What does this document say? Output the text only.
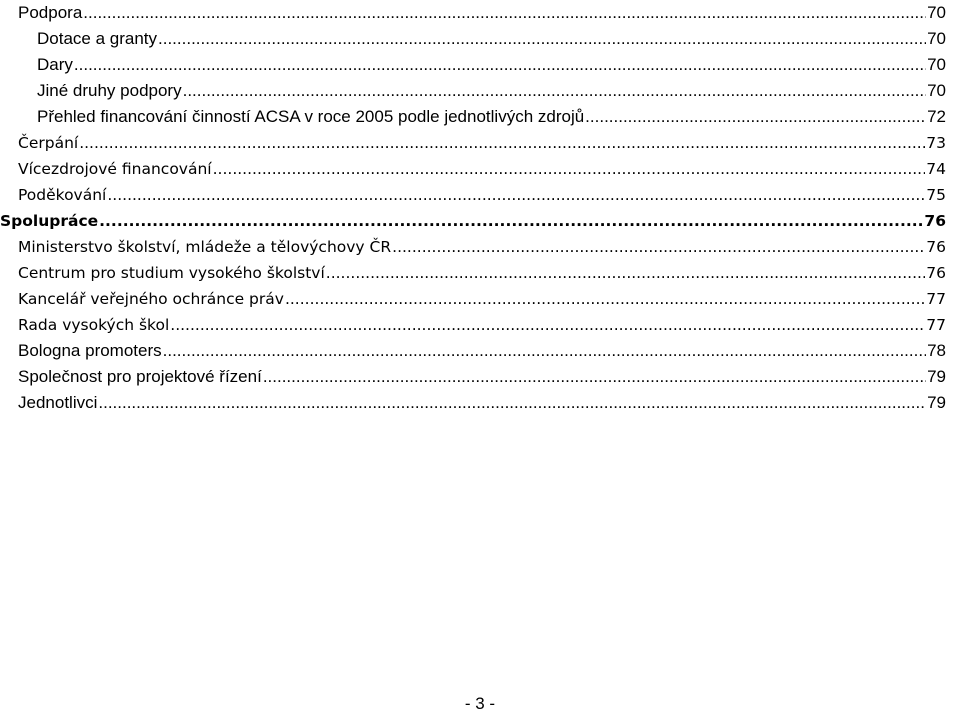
Podpora .....	70
Dotace a granty .....	70
Dary .....	70
Jiné druhy podpory .....	70
Přehled financování činností ACSA v roce 2005 podle jednotlivých zdrojů .....	72
Čerpání .....	73
Vícezdrojové financování .....	74
Poděkování .....	75
Spolupráce .....	76
Ministerstvo školství, mládeže a tělovýchovy ČR .....	76
Centrum pro studium vysokého školství .....	76
Kancelář veřejného ochránce práv .....	77
Rada vysokých škol .....	77
Bologna promoters .....	78
Společnost pro projektové řízení .....	79
Jednotlivci .....	79
- 3 -
